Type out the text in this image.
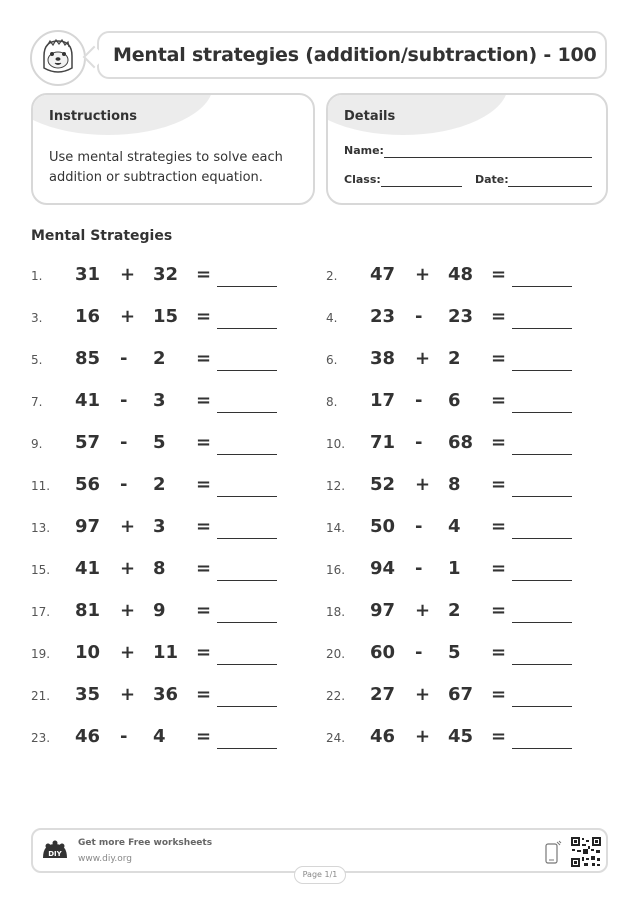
Mental strategies (addition/subtraction) - 100
Instructions
Use mental strategies to solve each addition or subtraction equation.
Details
Name:
Class:	Date:
Mental Strategies
1. 31 + 32 =	2. 47 + 48 =
3. 16 + 15 =	4. 23 - 23 =
5. 85 - 2 =	6. 38 + 2 =
7. 41 - 3 =	8. 17 - 6 =
9. 57 - 5 =	10. 71 - 68 =
11. 56 - 2 =	12. 52 + 8 =
13. 97 + 3 =	14. 50 - 4 =
15. 41 + 8 =	16. 94 - 1 =
17. 81 + 9 =	18. 97 + 2 =
19. 10 + 11 =	20. 60 - 5 =
21. 35 + 36 =	22. 27 + 67 =
23. 46 - 4 =	24. 46 + 45 =
DIY
Get more Free worksheets
www.diy.org
Page 1/1
